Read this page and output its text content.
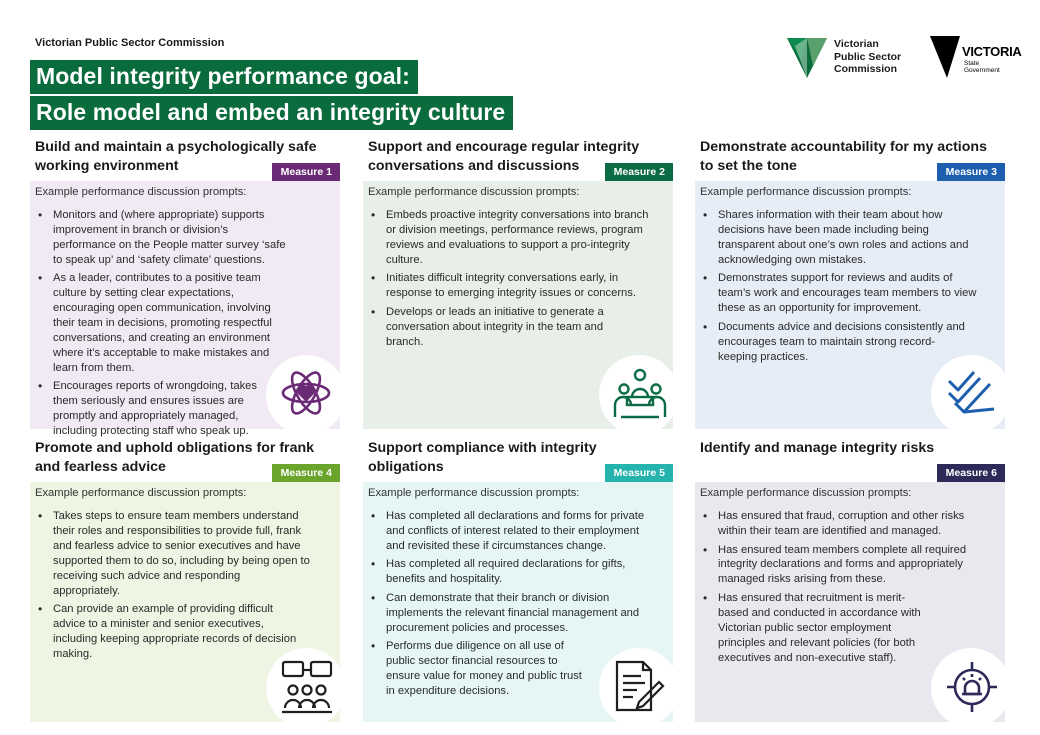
Victorian Public Sector Commission
Model integrity performance goal:
Role model and embed an integrity culture
Victorian
Public Sector
Commission
VICTORIA
State
Government
Build and maintain a psychologically safe working environment	Measure 1
Example performance discussion prompts:
• Monitors and (where appropriate) supports improvement in branch or division’s performance on the People matter survey ‘safe to speak up’ and ‘safety climate’ questions.
• As a leader, contributes to a positive team culture by setting clear expectations, encouraging open communication, involving their team in decisions, promoting respectful conversations, and creating an environment where it’s acceptable to make mistakes and learn from them.
• Encourages reports of wrongdoing, takes them seriously and ensures issues are promptly and appropriately managed, including protecting staff who speak up.
Support and encourage regular integrity conversations and discussions	Measure 2
Example performance discussion prompts:
• Embeds proactive integrity conversations into branch or division meetings, performance reviews, program reviews and evaluations to support a pro-integrity culture.
• Initiates difficult integrity conversations early, in response to emerging integrity issues or concerns.
• Develops or leads an initiative to generate a conversation about integrity in the team and branch.
Demonstrate accountability for my actions to set the tone	Measure 3
Example performance discussion prompts:
• Shares information with their team about how decisions have been made including being transparent about one’s own roles and actions and acknowledging own mistakes.
• Demonstrates support for reviews and audits of team’s work and encourages team members to view these as an opportunity for improvement.
• Documents advice and decisions consistently and encourages team to maintain strong record-keeping practices.
Promote and uphold obligations for frank and fearless advice	Measure 4
Example performance discussion prompts:
• Takes steps to ensure team members understand their roles and responsibilities to provide full, frank and fearless advice to senior executives and have supported them to do so, including by being open to receiving such advice and responding appropriately.
• Can provide an example of providing difficult advice to a minister and senior executives, including keeping appropriate records of decision making.
Support compliance with integrity obligations	Measure 5
Example performance discussion prompts:
• Has completed all declarations and forms for private and conflicts of interest related to their employment and revisited these if circumstances change.
• Has completed all required declarations for gifts, benefits and hospitality.
• Can demonstrate that their branch or division implements the relevant financial management and procurement policies and processes.
• Performs due diligence on all use of public sector financial resources to ensure value for money and public trust in expenditure decisions.
Identify and manage integrity risks
Measure 6
Example performance discussion prompts:
• Has ensured that fraud, corruption and other risks within their team are identified and managed.
• Has ensured team members complete all required integrity declarations and forms and appropriately managed risks arising from these.
• Has ensured that recruitment is merit-based and conducted in accordance with Victorian public sector employment principles and relevant policies (for both executives and non-executive staff).
